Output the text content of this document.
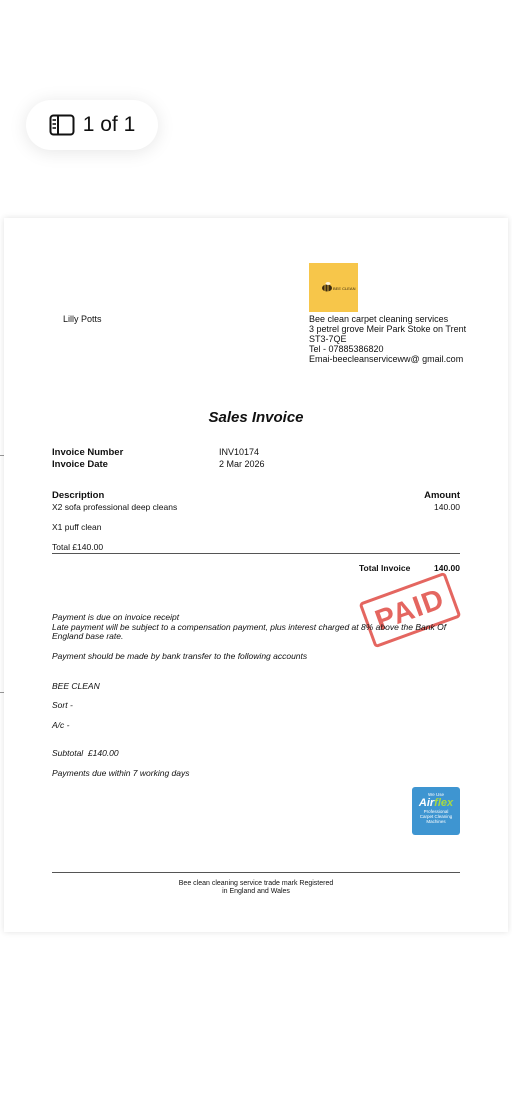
1 of 1
BEE CLEAN
Lilly Potts	Bee clean carpet cleaning services
3 petrel grove Meir Park Stoke on Trent
ST3-7QE
Tel - 07885386820
Emai-beecleanserviceww@ gmail.com
Sales Invoice
Invoice Number	INV10174
Invoice Date	2 Mar 2026
Description	Amount
X2 sofa professional deep cleans	140.00
X1 puff clean
Total £140.00
Total Invoice	140.00
PAID
Payment is due on invoice receipt
Late payment will be subject to a compensation payment, plus interest charged at 8% above the Bank Of
England base rate.
Payment should be made by bank transfer to the following accounts
BEE CLEAN
Sort -
A/c -
Subtotal  £140.00
Payments due within 7 working days
We Use
Airflex
Professional
Carpet Cleaning
Machines
Bee clean cleaning service trade mark Registered
in England and Wales
